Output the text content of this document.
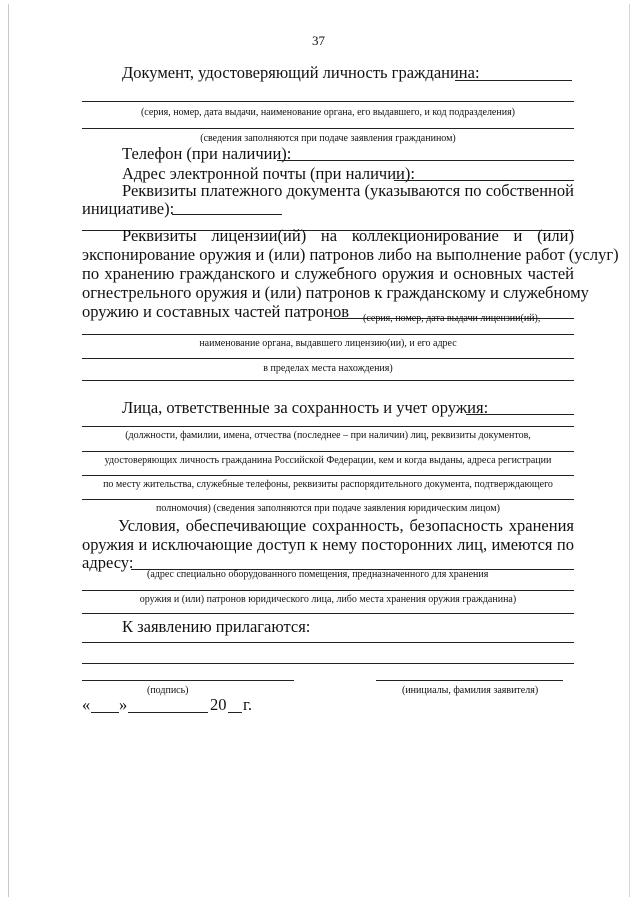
37
Документ, удостоверяющий личность гражданина:
(серия, номер, дата выдачи, наименование органа, его выдавшего, и код подразделения)
(сведения заполняются при подаче заявления гражданином)
Телефон (при наличии):
Адрес электронной почты (при наличии):
Реквизиты платежного документа (указываются по собственной
инициативе):
Реквизиты лицензии(ий) на коллекционирование и (или)
экспонирование оружия и (или) патронов либо на выполнение работ (услуг)
по хранению гражданского и служебного оружия и основных частей
огнестрельного оружия и (или) патронов к гражданскому и служебному
оружию и составных частей патронов (серия, номер, дата выдачи лицензии(ий),
наименование органа, выдавшего лицензию(ии), и его адрес
в пределах места нахождения)
Лица, ответственные за сохранность и учет оружия:
(должности, фамилии, имена, отчества (последнее – при наличии) лиц, реквизиты документов,
удостоверяющих личность гражданина Российской Федерации, кем и когда выданы, адреса регистрации
по месту жительства, служебные телефоны, реквизиты распорядительного документа, подтверждающего
полномочия) (сведения заполняются при подаче заявления юридическим лицом)
Условия, обеспечивающие сохранность, безопасность хранения
оружия и исключающие доступ к нему посторонних лиц, имеются по
адресу:
(адрес специально оборудованного помещения, предназначенного для хранения
оружия и (или) патронов юридического лица, либо места хранения оружия гражданина)
К заявлению прилагаются:
(подпись)	(инициалы, фамилия заявителя)
« »	20 г.
